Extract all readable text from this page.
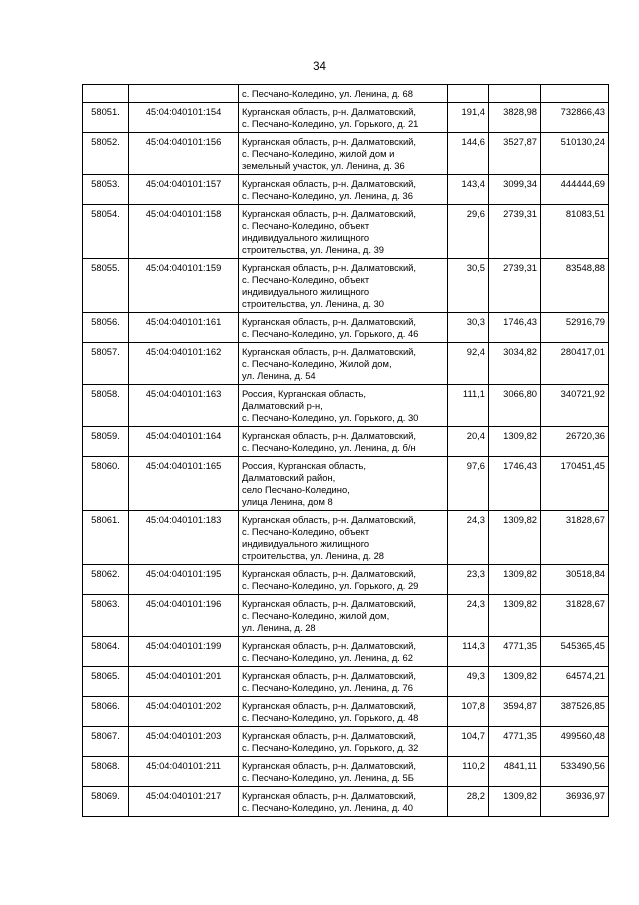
34

		с. Песчано-Коледино, ул. Ленина, д. 68			

58051.	45:04:040101:154	Курганская область, р-н. Далматовский,
с. Песчано-Коледино, ул. Горького, д. 21	191,4	3828,98	732866,43
58052.	45:04:040101:156	Курганская область, р-н. Далматовский,
с. Песчано-Коледино, жилой дом и
земельный участок, ул. Ленина, д. 36	144,6	3527,87	510130,24
58053.	45:04:040101:157	Курганская область, р-н. Далматовский,
с. Песчано-Коледино, ул. Ленина, д. 36	143,4	3099,34	444444,69
58054.	45:04:040101:158	Курганская область, р-н. Далматовский,
с. Песчано-Коледино, объект
индивидуального жилищного
строительства, ул. Ленина, д. 39	29,6	2739,31	81083,51
58055.	45:04:040101:159	Курганская область, р-н. Далматовский,
с. Песчано-Коледино, объект
индивидуального жилищного
строительства, ул. Ленина, д. 30	30,5	2739,31	83548,88
58056.	45:04:040101:161	Курганская область, р-н. Далматовский,
с. Песчано-Коледино, ул. Горького, д. 46	30,3	1746,43	52916,79
58057.	45:04:040101:162	Курганская область, р-н. Далматовский,
с. Песчано-Коледино, Жилой дом,
ул. Ленина, д. 54	92,4	3034,82	280417,01
58058.	45:04:040101:163	Россия, Курганская область,
Далматовский р-н,
с. Песчано-Коледино, ул. Горького, д. 30	111,1	3066,80	340721,92
58059.	45:04:040101:164	Курганская область, р-н. Далматовский,
с. Песчано-Коледино, ул. Ленина, д. б/н	20,4	1309,82	26720,36
58060.	45:04:040101:165	Россия, Курганская область,
Далматовский район,
село Песчано-Коледино,
улица Ленина, дом 8	97,6	1746,43	170451,45
58061.	45:04:040101:183	Курганская область, р-н. Далматовский,
с. Песчано-Коледино, объект
индивидуального жилищного
строительства, ул. Ленина, д. 28	24,3	1309,82	31828,67
58062.	45:04:040101:195	Курганская область, р-н. Далматовский,
с. Песчано-Коледино, ул. Горького, д. 29	23,3	1309,82	30518,84
58063.	45:04:040101:196	Курганская область, р-н. Далматовский,
с. Песчано-Коледино, жилой дом,
ул. Ленина, д. 28	24,3	1309,82	31828,67
58064.	45:04:040101:199	Курганская область, р-н. Далматовский,
с. Песчано-Коледино, ул. Ленина, д. 62	114,3	4771,35	545365,45
58065.	45:04:040101:201	Курганская область, р-н. Далматовский,
с. Песчано-Коледино, ул. Ленина, д. 76	49,3	1309,82	64574,21
58066.	45:04:040101:202	Курганская область, р-н. Далматовский,
с. Песчано-Коледино, ул. Горького, д. 48	107,8	3594,87	387526,85
58067.	45:04:040101:203	Курганская область, р-н. Далматовский,
с. Песчано-Коледино, ул. Горького, д. 32	104,7	4771,35	499560,48
58068.	45:04:040101:211	Курганская область, р-н. Далматовский,
с. Песчано-Коледино, ул. Ленина, д. 5Б	110,2	4841,11	533490,56
58069.	45:04:040101:217	Курганская область, р-н. Далматовский,
с. Песчано-Коледино, ул. Ленина, д. 40	28,2	1309,82	36936,97
